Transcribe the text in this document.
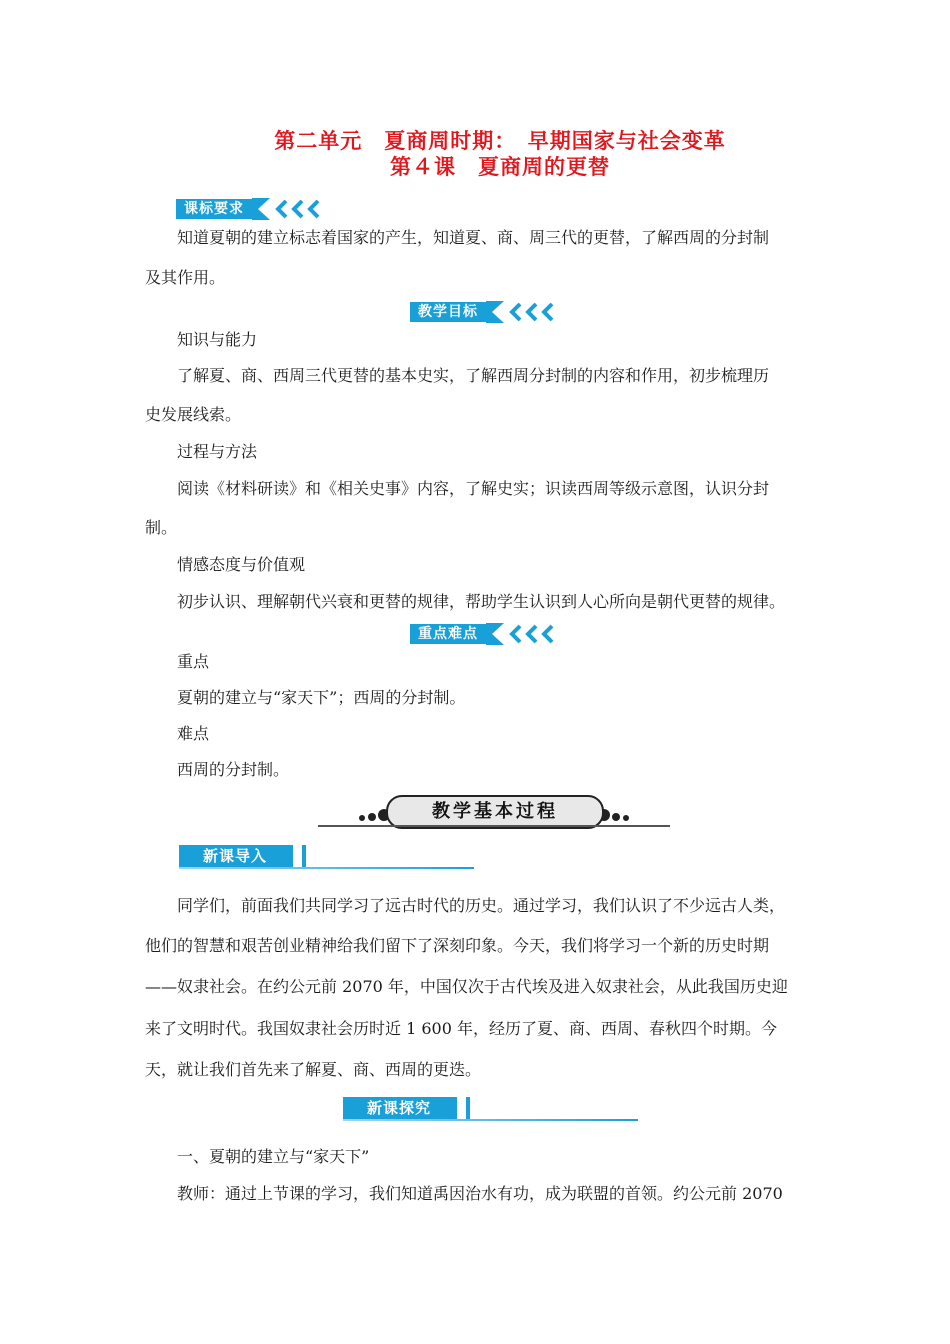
第二单元　夏商周时期：　早期国家与社会变革
第４课　夏商周的更替
课标要求
知道夏朝的建立标志着国家的产生，知道夏、商、周三代的更替，了解西周的分封制
及其作用。
教学目标
知识与能力
了解夏、商、西周三代更替的基本史实，了解西周分封制的内容和作用，初步梳理历
史发展线索。
过程与方法
阅读《材料研读》和《相关史事》内容，了解史实；识读西周等级示意图，认识分封
制。
情感态度与价值观
初步认识、理解朝代兴衰和更替的规律，帮助学生认识到人心所向是朝代更替的规律。
重点难点
重点
夏朝的建立与“家天下”；西周的分封制。
难点
西周的分封制。
教学基本过程
新课导入
同学们，前面我们共同学习了远古时代的历史。通过学习，我们认识了不少远古人类，
他们的智慧和艰苦创业精神给我们留下了深刻印象。今天，我们将学习一个新的历史时期
——奴隶社会。在约公元前 2070 年，中国仅次于古代埃及进入奴隶社会，从此我国历史迎
来了文明时代。我国奴隶社会历时近 1 600 年，经历了夏、商、西周、春秋四个时期。今
天，就让我们首先来了解夏、商、西周的更迭。
新课探究
一、夏朝的建立与“家天下”
教师：通过上节课的学习，我们知道禹因治水有功，成为联盟的首领。约公元前 2070
